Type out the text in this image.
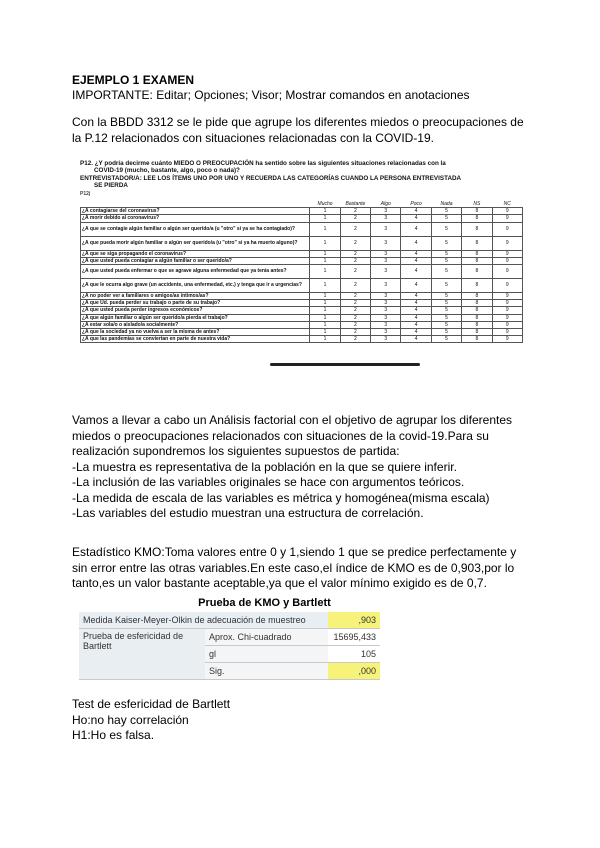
EJEMPLO 1 EXAMEN
IMPORTANTE: Editar; Opciones; Visor; Mostrar comandos en anotaciones
Con la BBDD 3312 se le pide que agrupe los diferentes miedos o preocupaciones de la P.12 relacionados con situaciones relacionadas con la COVID-19.
P12. ¿Y podría decirme cuánto MIEDO O PREOCUPACIÓN ha sentido sobre las siguientes situaciones relacionadas con la
COVID-19 (mucho, bastante, algo, poco o nada)?
ENTREVISTADOR/A: LEE LOS ÍTEMS UNO POR UNO Y RECUERDA LAS CATEGORÍAS CUANDO LA PERSONA ENTREVISTADA
SE PIERDA
P12j
	Mucho	Bastante	Algo	Poco	Nada	NS	NC
¿A contagiarse del coronavirus?	1	2	3	4	5	8	9
¿A morir debido al coronavirus?	1	2	3	4	5	8	9
¿A que se contagie algún familiar o algún ser querido/a (u "otro" si ya se ha contagiado)?	1	2	3	4	5	8	9
¿A que pueda morir algún familiar o algún ser querido/a (u "otro" si ya ha muerto alguno)?	1	2	3	4	5	8	9
¿A que se siga propagando el coronavirus?	1	2	3	4	5	8	9
¿A que usted pueda contagiar a algún familiar o ser querido/a?	1	2	3	4	5	8	9
¿A que usted pueda enfermar o que se agrave alguna enfermedad que ya tenía antes?	1	2	3	4	5	8	9
¿A que le ocurra algo grave (un accidente, una enfermedad, etc.) y tenga que ir a urgencias?	1	2	3	4	5	8	9
¿A no poder ver a familiares o amigos/as íntimos/as?	1	2	3	4	5	8	9
¿A que Ud. pueda perder su trabajo o parte de su trabajo?	1	2	3	4	5	8	9
¿A que usted pueda perder ingresos económicos?	1	2	3	4	5	8	9
¿A que algún familiar o algún ser querido/a pierda el trabajo?	1	2	3	4	5	8	9
¿A estar sola/o o aislado/a socialmente?	1	2	3	4	5	8	9
¿A que la sociedad ya no vuelva a ser la misma de antes?	1	2	3	4	5	8	9
¿A que las pandemias se conviertan en parte de nuestra vida?	1	2	3	4	5	8	9
Vamos a llevar a cabo un Análisis factorial con el objetivo de agrupar los diferentes miedos o preocupaciones relacionados con situaciones de la covid-19.Para su realización supondremos los siguientes supuestos de partida:
-La muestra es representativa de la población en la que se quiere inferir.
-La inclusión de las variables originales se hace con argumentos teóricos.
-La medida de escala de las variables es métrica y homogénea(misma escala)
-Las variables del estudio muestran una estructura de correlación.
Estadístico KMO:Toma valores entre 0 y 1,siendo 1 que se predice perfectamente y sin error entre las otras variables.En este caso,el índice de KMO es de 0,903,por lo tanto,es un valor bastante aceptable,ya que el valor mínimo exigido es de 0,7.
Prueba de KMO y Bartlett
Medida Kaiser-Meyer-Olkin de adecuación de muestreo		,903
Prueba de esfericidad de Bartlett	Aprox. Chi-cuadrado	15695,433
	gl	105
	Sig.	,000
Test de esfericidad de Bartlett
Ho:no hay correlación
H1:Ho es falsa.
